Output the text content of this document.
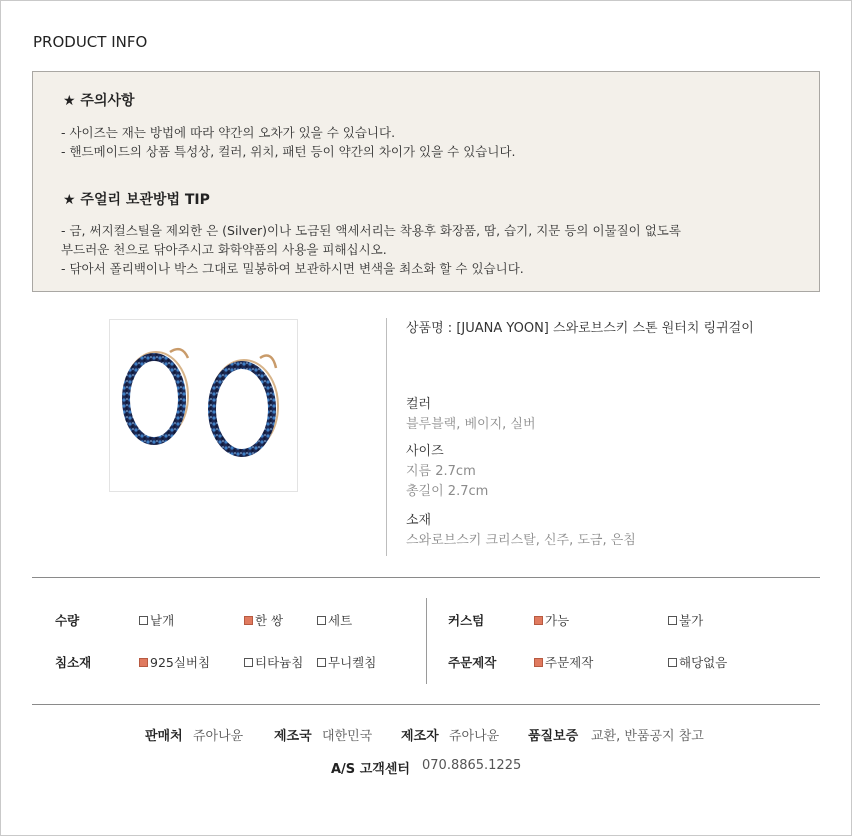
PRODUCT INFO
★ 주의사항
- 사이즈는 재는 방법에 따라 약간의 오차가 있을 수 있습니다.
- 핸드메이드의 상품 특성상, 컬러, 위치, 패턴 등이 약간의 차이가 있을 수 있습니다.
★ 주얼리 보관방법 TIP
- 금, 써지컬스틸을 제외한 은 (Silver)이나 도금된 액세서리는 착용후 화장품, 땀, 습기, 지문 등의 이물질이 없도록
부드러운 천으로 닦아주시고 화학약품의 사용을 피해십시오.
- 닦아서 폴리백이나 박스 그대로 밀봉하여 보관하시면 변색을 최소화 할 수 있습니다.
상품명 : [JUANA YOON] 스와로브스키 스톤 원터치 링귀걸이
컬러
블루블랙, 베이지, 실버
사이즈
지름 2.7cm
총길이 2.7cm
소재
스와로브스키 크리스탈, 신주, 도금, 은침
수량	낱개	한 쌍	세트
침소재	925실버침	티타늄침 무니켈침
커스텀	가능	불가
주문제작	주문제작	해당없음
판매처 쥬아나윤 제조국 대한민국 제조자 쥬아나윤 품질보증 교환, 반품공지 참고
A/S 고객센터 070.8865.1225
